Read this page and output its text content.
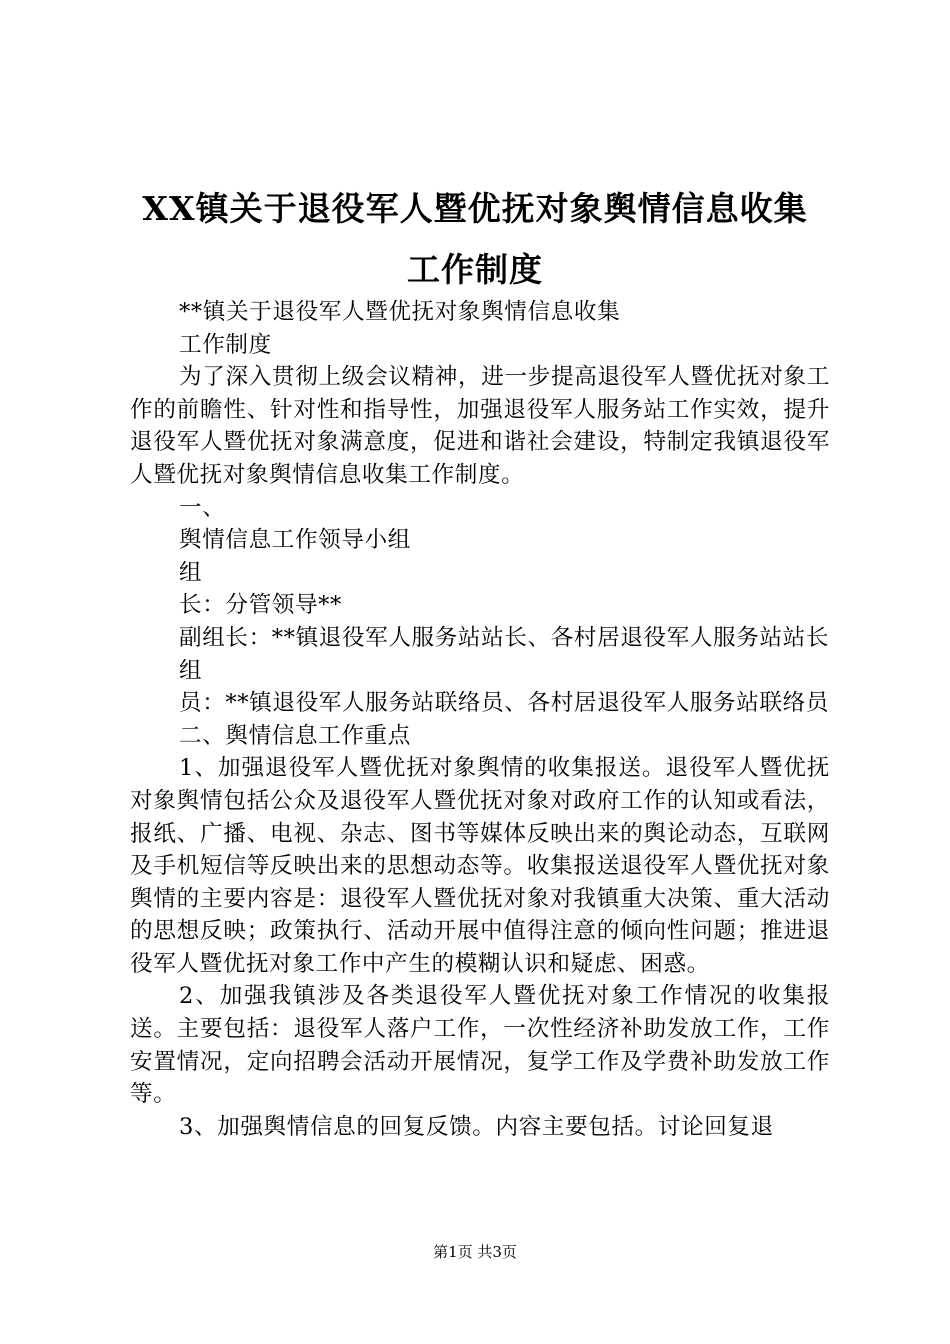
XX镇关于退役军人暨优抚对象舆情信息收集
工作制度

**镇关于退役军人暨优抚对象舆情信息收集

工作制度

为了深入贯彻上级会议精神，进一步提高退役军人暨优抚对象工作的前瞻性、针对性和指导性，加强退役军人服务站工作实效，提升退役军人暨优抚对象满意度，促进和谐社会建设，特制定我镇退役军人暨优抚对象舆情信息收集工作制度。

一、

舆情信息工作领导小组

组

长：分管领导**

副组长：**镇退役军人服务站站长、各村居退役军人服务站站长

组

员：**镇退役军人服务站联络员、各村居退役军人服务站联络员

二、舆情信息工作重点

1、加强退役军人暨优抚对象舆情的收集报送。退役军人暨优抚对象舆情包括公众及退役军人暨优抚对象对政府工作的认知或看法，报纸、广播、电视、杂志、图书等媒体反映出来的舆论动态，互联网及手机短信等反映出来的思想动态等。收集报送退役军人暨优抚对象舆情的主要内容是：退役军人暨优抚对象对我镇重大决策、重大活动的思想反映；政策执行、活动开展中值得注意的倾向性问题；推进退役军人暨优抚对象工作中产生的模糊认识和疑虑、困惑。

2、加强我镇涉及各类退役军人暨优抚对象工作情况的收集报送。主要包括：退役军人落户工作，一次性经济补助发放工作，工作安置情况，定向招聘会活动开展情况，复学工作及学费补助发放工作等。

3、加强舆情信息的回复反馈。内容主要包括。讨论回复退

第1页 共3页
